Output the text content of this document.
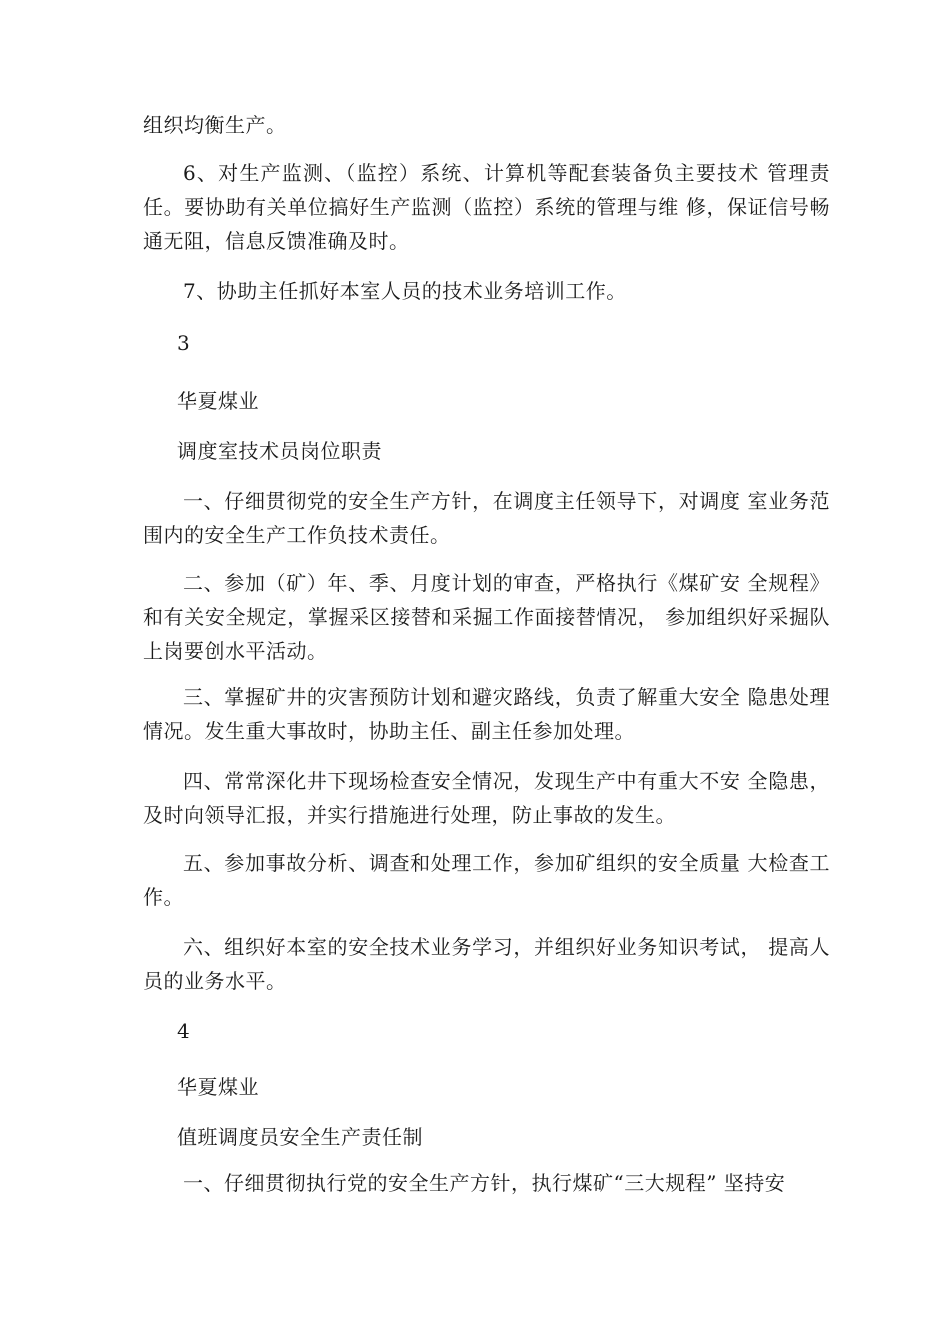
组织均衡生产。

6、对生产监测、（监控）系统、计算机等配套装备负主要技术 管理责任。要协助有关单位搞好生产监测（监控）系统的管理与维 修，保证信号畅通无阻，信息反馈准确及时。

7、协助主任抓好本室人员的技术业务培训工作。

3

华夏煤业

调度室技术员岗位职责

一、仔细贯彻党的安全生产方针，在调度主任领导下，对调度 室业务范围内的安全生产工作负技术责任。

二、参加（矿）年、季、月度计划的审查，严格执行《煤矿安 全规程》和有关安全规定，掌握采区接替和采掘工作面接替情况， 参加组织好采掘队上岗要创水平活动。

三、掌握矿井的灾害预防计划和避灾路线，负责了解重大安全 隐患处理情况。发生重大事故时，协助主任、副主任参加处理。

四、常常深化井下现场检查安全情况，发现生产中有重大不安 全隐患，及时向领导汇报，并实行措施进行处理，防止事故的发生。

五、参加事故分析、调查和处理工作，参加矿组织的安全质量 大检查工作。

六、组织好本室的安全技术业务学习，并组织好业务知识考试， 提高人员的业务水平。

4

华夏煤业

值班调度员安全生产责任制

一、仔细贯彻执行党的安全生产方针，执行煤矿“三大规程” 坚持安
